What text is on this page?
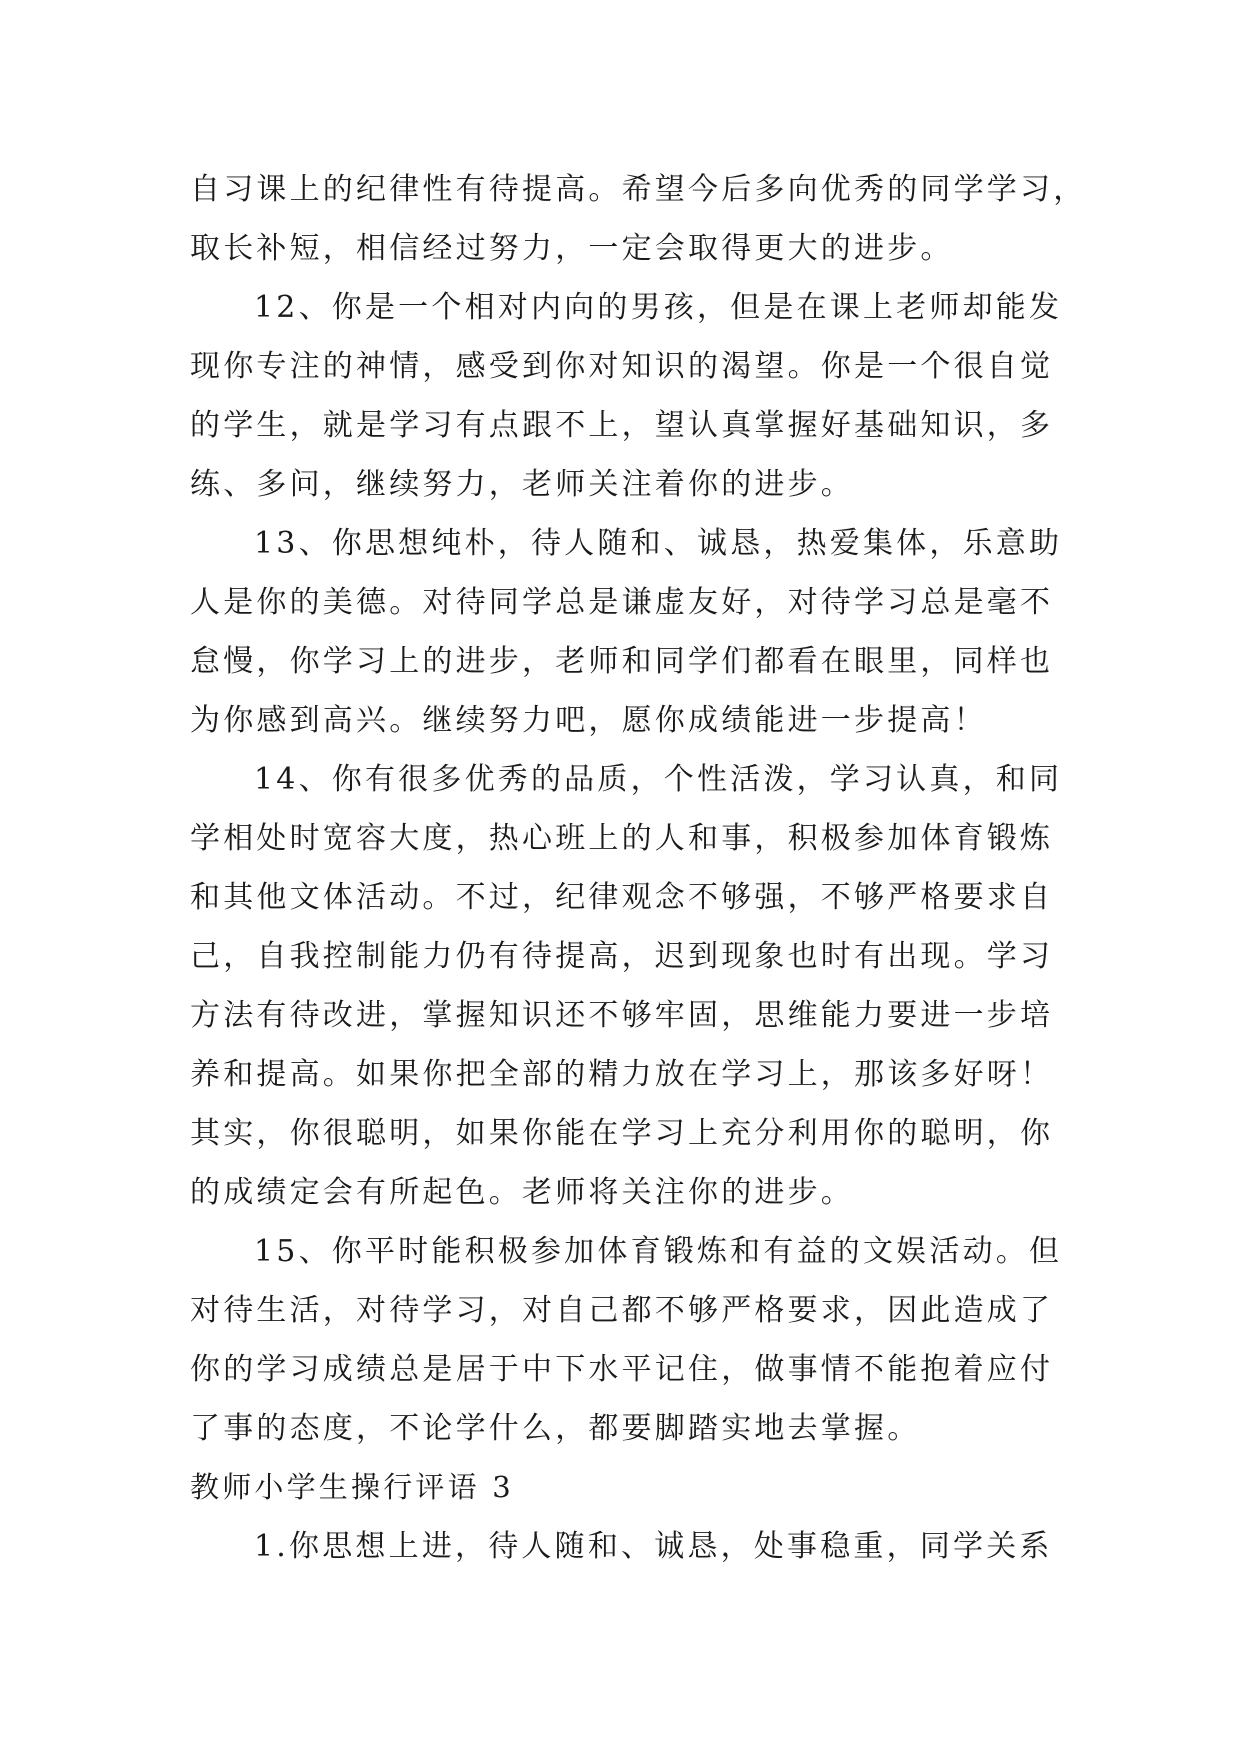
自习课上的纪律性有待提高。希望今后多向优秀的同学学习，
取长补短，相信经过努力，一定会取得更大的进步。
12、你是一个相对内向的男孩，但是在课上老师却能发
现你专注的神情，感受到你对知识的渴望。你是一个很自觉
的学生，就是学习有点跟不上，望认真掌握好基础知识，多
练、多问，继续努力，老师关注着你的进步。
13、你思想纯朴，待人随和、诚恳，热爱集体，乐意助
人是你的美德。对待同学总是谦虚友好，对待学习总是毫不
怠慢，你学习上的进步，老师和同学们都看在眼里，同样也
为你感到高兴。继续努力吧，愿你成绩能进一步提高！
14、你有很多优秀的品质，个性活泼，学习认真，和同
学相处时宽容大度，热心班上的人和事，积极参加体育锻炼
和其他文体活动。不过，纪律观念不够强，不够严格要求自
己，自我控制能力仍有待提高，迟到现象也时有出现。学习
方法有待改进，掌握知识还不够牢固，思维能力要进一步培
养和提高。如果你把全部的精力放在学习上，那该多好呀！
其实，你很聪明，如果你能在学习上充分利用你的聪明，你
的成绩定会有所起色。老师将关注你的进步。
15、你平时能积极参加体育锻炼和有益的文娱活动。但
对待生活，对待学习，对自己都不够严格要求，因此造成了
你的学习成绩总是居于中下水平记住，做事情不能抱着应付
了事的态度，不论学什么，都要脚踏实地去掌握。
教师小学生操行评语 3
1.你思想上进，待人随和、诚恳，处事稳重，同学关系
